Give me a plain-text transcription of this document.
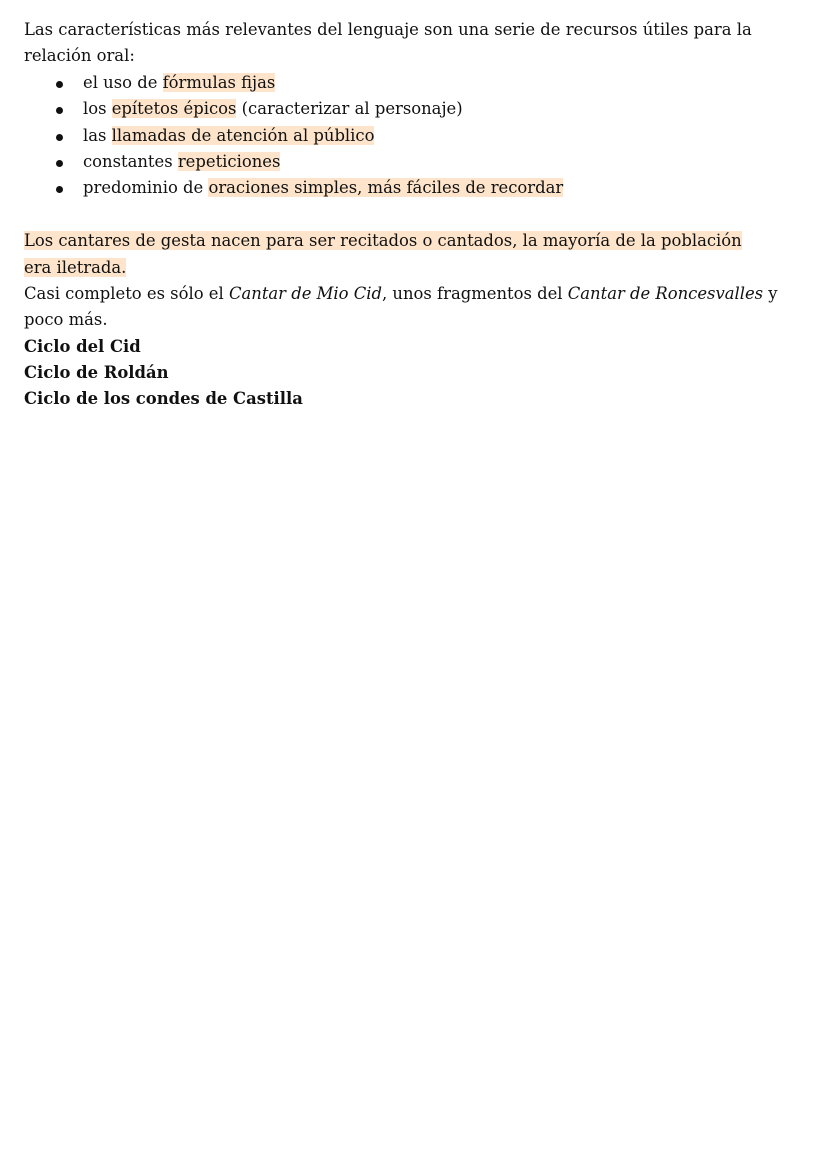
Las características más relevantes del lenguaje son una serie de recursos útiles para la
relación oral:
el uso de fórmulas fijas
los epítetos épicos (caracterizar al personaje)
las llamadas de atención al público
constantes repeticiones
predominio de oraciones simples, más fáciles de recordar
Los cantares de gesta nacen para ser recitados o cantados, la mayoría de la población
era iletrada.
Casi completo es sólo el Cantar de Mio Cid, unos fragmentos del Cantar de Roncesvalles y
poco más.
Ciclo del Cid
Ciclo de Roldán
Ciclo de los condes de Castilla
